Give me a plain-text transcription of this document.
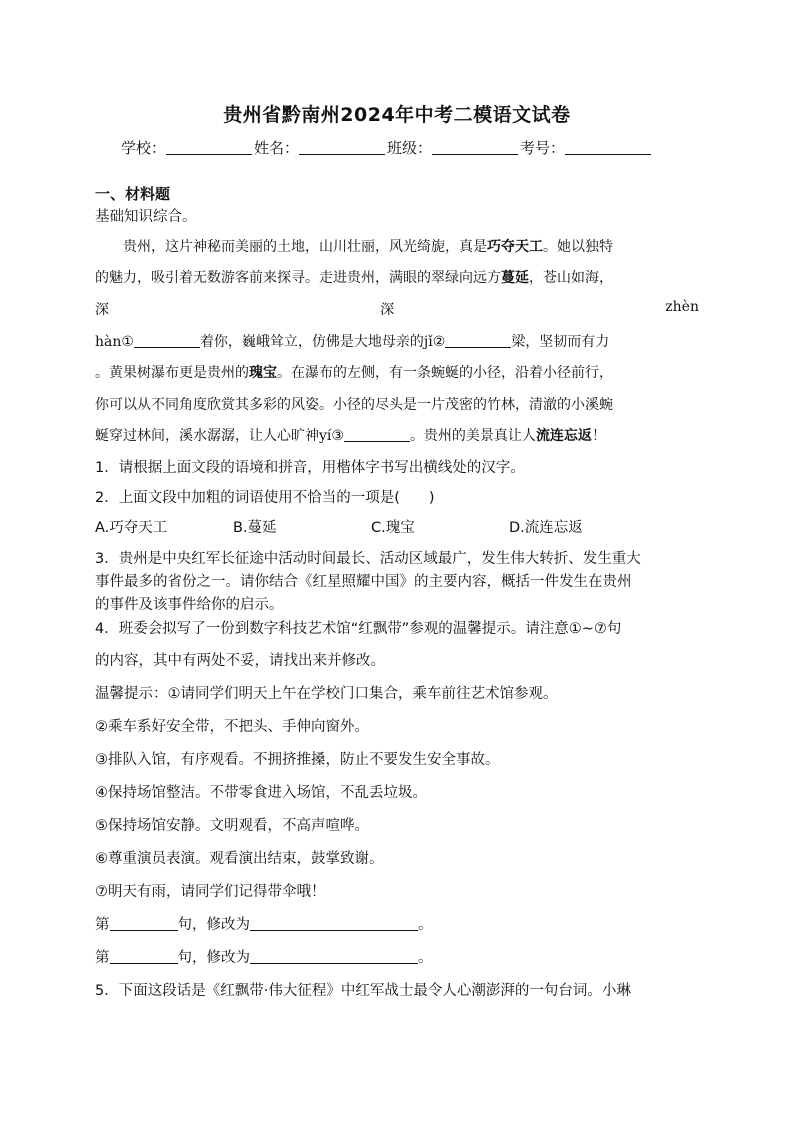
贵州省黔南州2024年中考二模语文试卷
学校：	姓名：	班级：	考号：
一、材料题
基础知识综合。
贵州，这片神秘而美丽的土地，山川壮丽，风光绮旎，真是巧夺天工。她以独特
的魅力，吸引着无数游客前来探寻。走进贵州，满眼的翠绿向远方蔓延，苍山如海，
深	深	zhèn
hàn①	着你，巍峨耸立，仿佛是大地母亲的jǐ②	梁，坚韧而有力
。黄果树瀑布更是贵州的瑰宝。在瀑布的左侧，有一条蜿蜒的小径，沿着小径前行，
你可以从不同角度欣赏其多彩的风姿。小径的尽头是一片茂密的竹林，清澈的小溪蜿
蜒穿过林间，溪水潺潺，让人心旷神yí③	。贵州的美景真让人流连忘返！
1．请根据上面文段的语境和拼音，用楷体字书写出横线处的汉字。
2．上面文段中加粗的词语使用不恰当的一项是(　　)
A.巧夺天工	B.蔓延	C.瑰宝	D.流连忘返
3．贵州是中央红军长征途中活动时间最长、活动区域最广，发生伟大转折、发生重大
事件最多的省份之一。请你结合《红星照耀中国》的主要内容，概括一件发生在贵州
的事件及该事件给你的启示。
4．班委会拟写了一份到数字科技艺术馆“红飘带”参观的温馨提示。请注意①~⑦句
的内容，其中有两处不妥，请找出来并修改。
温馨提示：①请同学们明天上午在学校门口集合，乘车前往艺术馆参观。
②乘车系好安全带，不把头、手伸向窗外。
③排队入馆，有序观看。不拥挤推搡，防止不要发生安全事故。
④保持场馆整洁。不带零食进入场馆，不乱丢垃圾。
⑤保持场馆安静。文明观看，不高声喧哗。
⑥尊重演员表演。观看演出结束，鼓掌致谢。
⑦明天有雨，请同学们记得带伞哦！
第	句，修改为	。
第	句，修改为	。
5．下面这段话是《红飘带·伟大征程》中红军战士最令人心潮澎湃的一句台词。小琳
